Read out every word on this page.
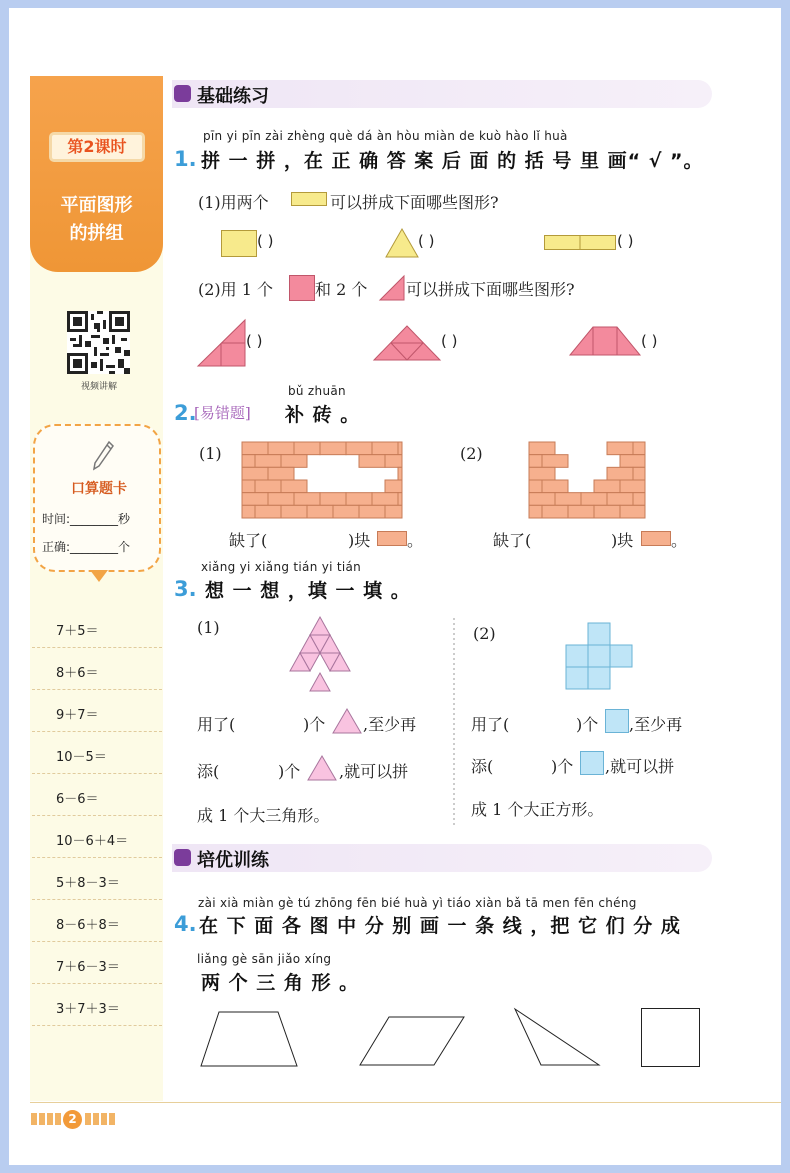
第2课时
平面图形
的拼组
视频讲解
口算题卡
时间:________秒
正确:________个
7＋5＝
8＋6＝
9＋7＝
10－5＝
6－6＝
10－6＋4＝
5＋8－3＝
8－6＋8＝
7＋6－3＝
3＋7＋3＝
基础练习
pīn yi pīn zài zhèng què dá àn hòu miàn de kuò hào lǐ huà
1. 拼 一 拼 ，在 正 确 答 案 后 面 的 括 号 里 画“ √ ”。
(1)用两个	可以拼成下面哪些图形?
( )	( )	( )
(2)用 1 个	和 2 个 可以拼成下面哪些图形?
( )	( )	( )
bǔ zhuān
2.
[易错题] 补 砖 。
(1)	(2)
缺了(	)块 。	缺了(	)块 。
xiǎng yi xiǎng tián yi tián
3. 想 一 想 ，填 一 填 。
(1)
用了(	)个 ,至少再
添(	)个 ,就可以拼
成 1 个大三角形。
(2)
用了(	)个 ,至少再
添(	)个 ,就可以拼
成 1 个大正方形。
培优训练
zài xià miàn gè tú zhōng fēn bié huà yì tiáo xiàn bǎ tā men fēn chéng
4. 在 下 面 各 图 中 分 别 画 一 条 线 ，把 它 们 分 成
liǎng gè sān jiǎo xíng
两 个 三 角 形 。
2
